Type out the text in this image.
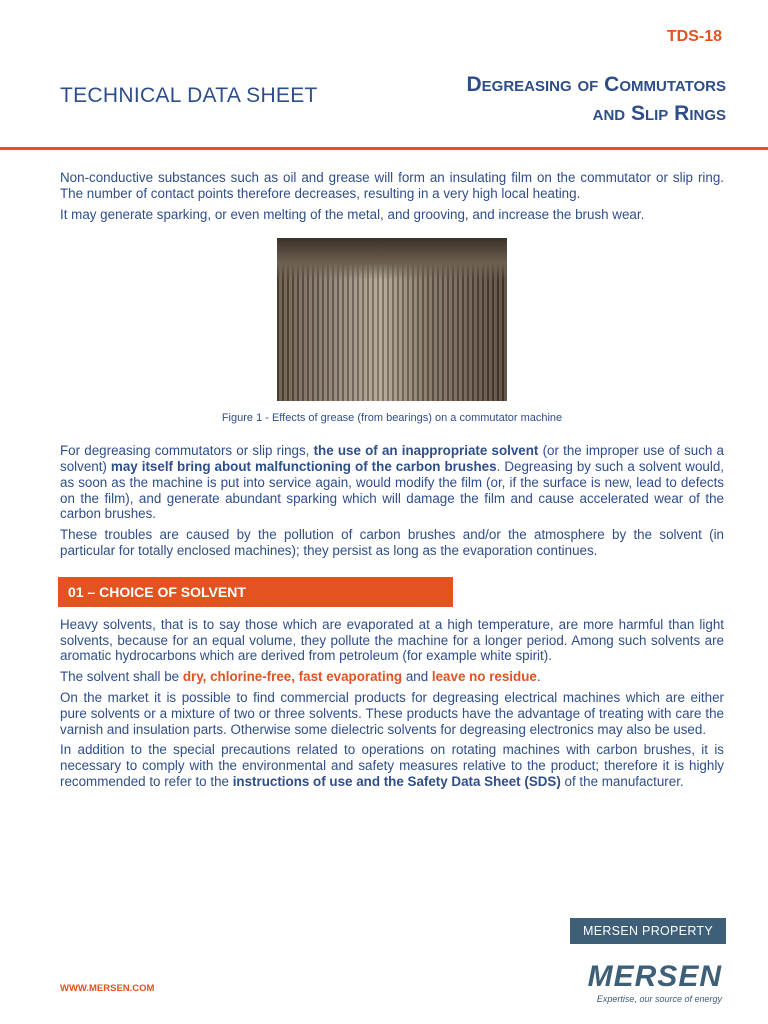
TDS-18
TECHNICAL DATA SHEET	Degreasing of Commutators
and Slip Rings

Non-conductive substances such as oil and grease will form an insulating film on the commutator or slip ring. The number of contact points therefore decreases, resulting in a very high local heating.

It may generate sparking, or even melting of the metal, and grooving, and increase the brush wear.

Figure 1 - Effects of grease (from bearings) on a commutator machine

For degreasing commutators or slip rings, the use of an inappropriate solvent (or the improper use of such a solvent) may itself bring about malfunctioning of the carbon brushes. Degreasing by such a solvent would, as soon as the machine is put into service again, would modify the film (or, if the surface is new, lead to defects on the film), and generate abundant sparking which will damage the film and cause accelerated wear of the carbon brushes.

These troubles are caused by the pollution of carbon brushes and/or the atmosphere by the solvent (in particular for totally enclosed machines); they persist as long as the evaporation continues.

01 – CHOICE OF SOLVENT

Heavy solvents, that is to say those which are evaporated at a high temperature, are more harmful than light solvents, because for an equal volume, they pollute the machine for a longer period. Among such solvents are aromatic hydrocarbons which are derived from petroleum (for example white spirit).

The solvent shall be dry, chlorine-free, fast evaporating and leave no residue.

On the market it is possible to find commercial products for degreasing electrical machines which are either pure solvents or a mixture of two or three solvents. These products have the advantage of treating with care the varnish and insulation parts. Otherwise some dielectric solvents for degreasing electronics may also be used.

In addition to the special precautions related to operations on rotating machines with carbon brushes, it is necessary to comply with the environmental and safety measures relative to the product; therefore it is highly recommended to refer to the instructions of use and the Safety Data Sheet (SDS) of the manufacturer.

MERSEN PROPERTY
WWW.MERSEN.COM	MERSEN
Expertise, our source of energy
